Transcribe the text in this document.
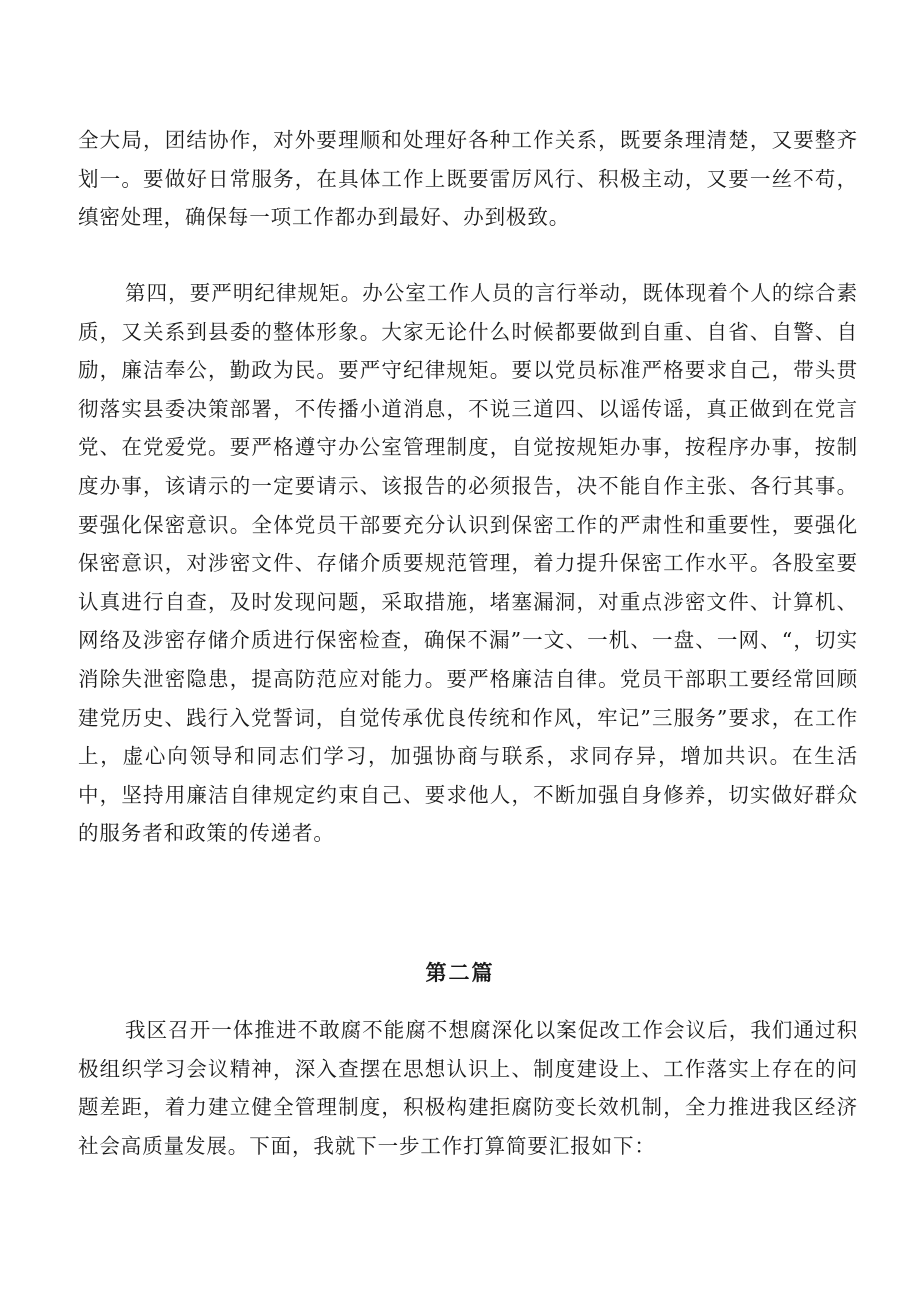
全大局，团结协作，对外要理顺和处理好各种工作关系，既要条理清楚，又要整齐划一。要做好日常服务，在具体工作上既要雷厉风行、积极主动，又要一丝不苟，缜密处理，确保每一项工作都办到最好、办到极致。

第四，要严明纪律规矩。办公室工作人员的言行举动，既体现着个人的综合素质，又关系到县委的整体形象。大家无论什么时候都要做到自重、自省、自警、自励，廉洁奉公，勤政为民。要严守纪律规矩。要以党员标准严格要求自己，带头贯彻落实县委决策部署，不传播小道消息，不说三道四、以谣传谣，真正做到在党言党、在党爱党。要严格遵守办公室管理制度，自觉按规矩办事，按程序办事，按制度办事，该请示的一定要请示、该报告的必须报告，决不能自作主张、各行其事。要强化保密意识。全体党员干部要充分认识到保密工作的严肃性和重要性，要强化保密意识，对涉密文件、存储介质要规范管理，着力提升保密工作水平。各股室要认真进行自查，及时发现问题，采取措施，堵塞漏洞，对重点涉密文件、计算机、网络及涉密存储介质进行保密检查，确保不漏”一文、一机、一盘、一网、“，切实消除失泄密隐患，提高防范应对能力。要严格廉洁自律。党员干部职工要经常回顾建党历史、践行入党誓词，自觉传承优良传统和作风，牢记”三服务”要求，在工作上，虚心向领导和同志们学习，加强协商与联系，求同存异，增加共识。在生活中，坚持用廉洁自律规定约束自己、要求他人，不断加强自身修养，切实做好群众的服务者和政策的传递者。

第二篇

我区召开一体推进不敢腐不能腐不想腐深化以案促改工作会议后，我们通过积极组织学习会议精神，深入查摆在思想认识上、制度建设上、工作落实上存在的问题差距，着力建立健全管理制度，积极构建拒腐防变长效机制，全力推进我区经济社会高质量发展。下面，我就下一步工作打算简要汇报如下：
